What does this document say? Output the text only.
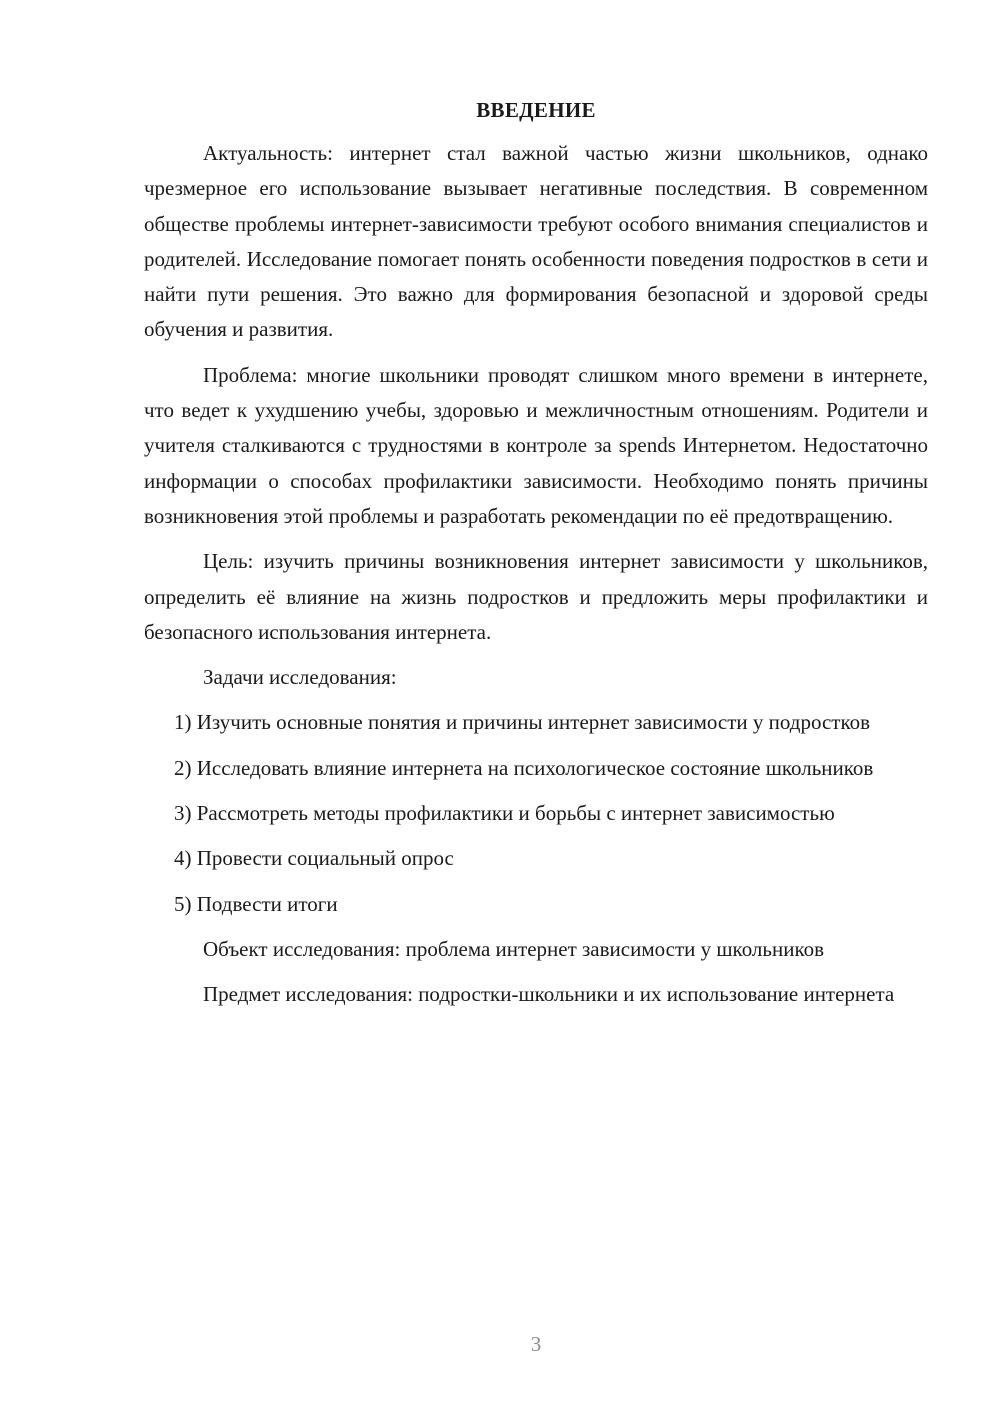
ВВЕДЕНИЕ

Актуальность: интернет стал важной частью жизни школьников, однако чрезмерное его использование вызывает негативные последствия. В современном обществе проблемы интернет-зависимости требуют особого внимания специалистов и родителей. Исследование помогает понять особенности поведения подростков в сети и найти пути решения. Это важно для формирования безопасной и здоровой среды обучения и развития.

Проблема: многие школьники проводят слишком много времени в интернете, что ведет к ухудшению учебы, здоровью и межличностным отношениям. Родители и учителя сталкиваются с трудностями в контроле за spends Интернетом. Недостаточно информации о способах профилактики зависимости. Необходимо понять причины возникновения этой проблемы и разработать рекомендации по её предотвращению.

Цель: изучить причины возникновения интернет зависимости у школьников, определить её влияние на жизнь подростков и предложить меры профилактики и безопасного использования интернета.

Задачи исследования:

1) Изучить основные понятия и причины интернет зависимости у подростков

2) Исследовать влияние интернета на психологическое состояние школьников

3) Рассмотреть методы профилактики и борьбы с интернет зависимостью

4) Провести социальный опрос

5) Подвести итоги

Объект исследования: проблема интернет зависимости у школьников

Предмет исследования: подростки-школьники и их использование интернета

3
